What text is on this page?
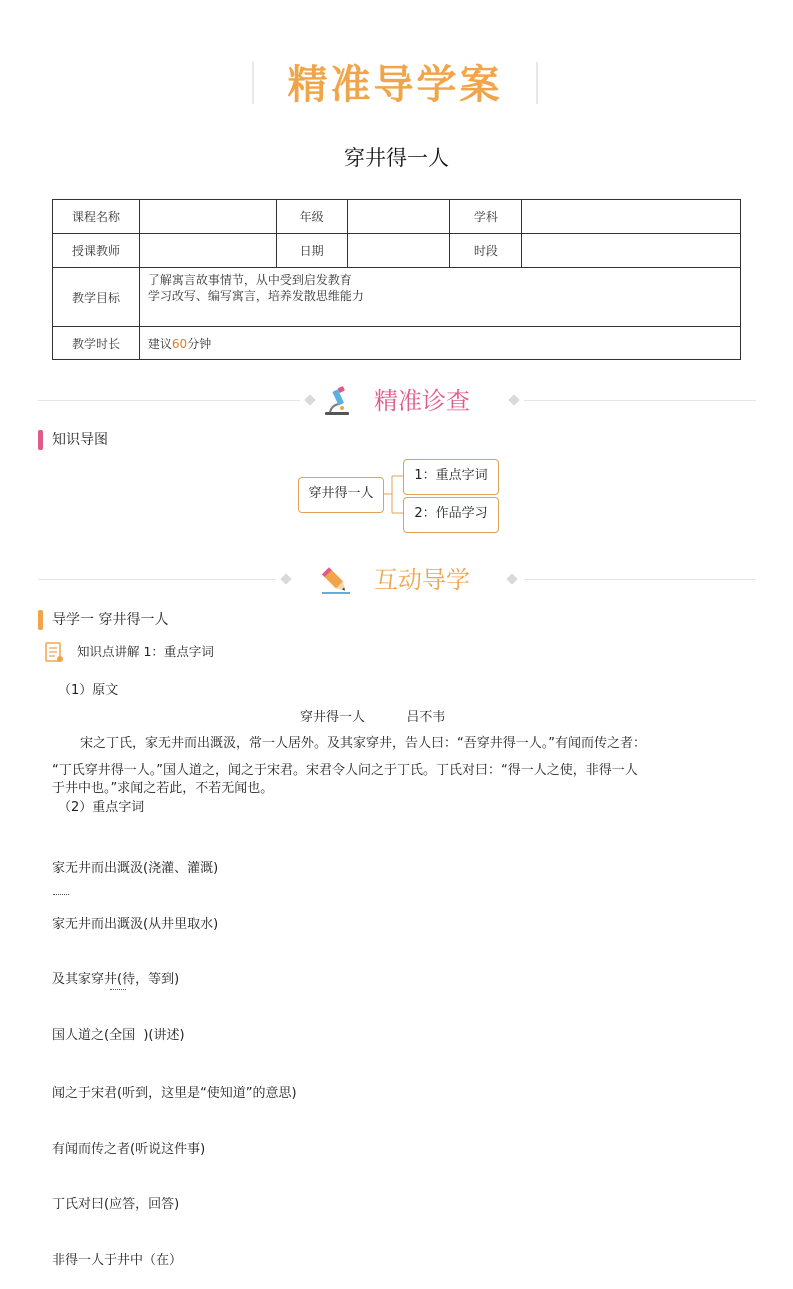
精准导学案
穿井得一人
课程名称		年级		学科	
授课教师		日期		时段	
教学目标	了解寓言故事情节，从中受到启发教育
学习改写、编写寓言，培养发散思维能力				

教学时长	建议60分钟				
精准诊查
知识导图
穿井得一人
1：重点字词
2：作品学习
互动导学
导学一 穿井得一人
知识点讲解 1：重点字词
（1）原文
穿井得一人          吕不韦
宋之丁氏，家无井而出溉汲，常一人居外。及其家穿井，告人曰：“吾穿井得一人。”有闻而传之者：
“丁氏穿井得一人。”国人道之，闻之于宋君。宋君令人问之于丁氏。丁氏对曰：“得一人之使，非得一人
于井中也。”求闻之若此，不若无闻也。
（2）重点字词

家无井而出溉汲(浇灌、灌溉)

家无井而出溉汲(从井里取水)

及其家穿井(待，等到)

国人道之(全国  )(讲述)

闻之于宋君(听到，这里是“使知道”的意思)

有闻而传之者(听说这件事)

丁氏对曰(应答，回答)

非得一人于井中（在）
